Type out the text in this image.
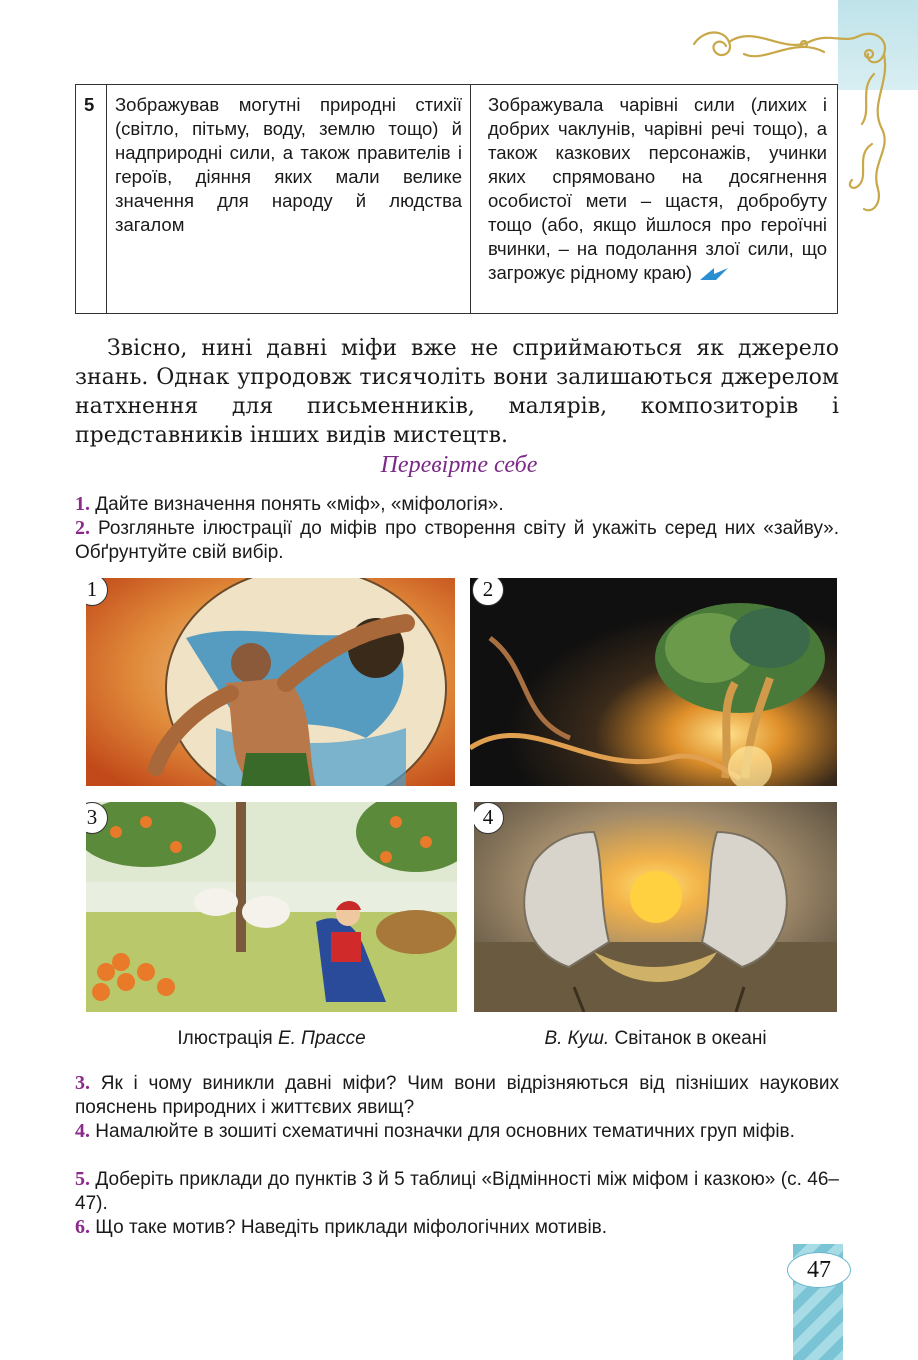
5	Зображував могутні природні стихії (світло, пітьму, воду, землю тощо) й надприродні сили, а також правителів і героїв, діяння яких мали велике значення для народу й людства загалом	Зображувала чарівні сили (лихих і добрих чаклунів, чарівні речі тощо), а також казкових персонажів, учинки яких спрямовано на досягнення особистої мети – щастя, добробуту тощо (або, якщо йшлося про героїчні вчинки, – на подолання злої сили, що загрожує рідному краю)

Звісно, нині давні міфи вже не сприймаються як джерело знань. Однак упродовж тисячоліть вони залишаються джерелом натхнення для письменників, малярів, композиторів і представників інших видів мистецтв.

Перевірте себе

1. Дайте визначення понять «міф», «міфологія».

2. Розгляньте ілюстрації до міфів про створення світу й укажіть серед них «зайву». Обґрунтуйте свій вибір.

1	2
3	4
Ілюстрація Е. Прассе	В. Куш. Світанок в океані

3. Як і чому виникли давні міфи? Чим вони відрізняються від пізніших наукових пояснень природних і життєвих явищ?

4. Намалюйте в зошиті схематичні позначки для основних тематичних груп міфів.

5. Доберіть приклади до пунктів 3 й 5 таблиці «Відмінності між міфом і казкою» (с. 46–47).

6. Що таке мотив? Наведіть приклади міфологічних мотивів.

47
